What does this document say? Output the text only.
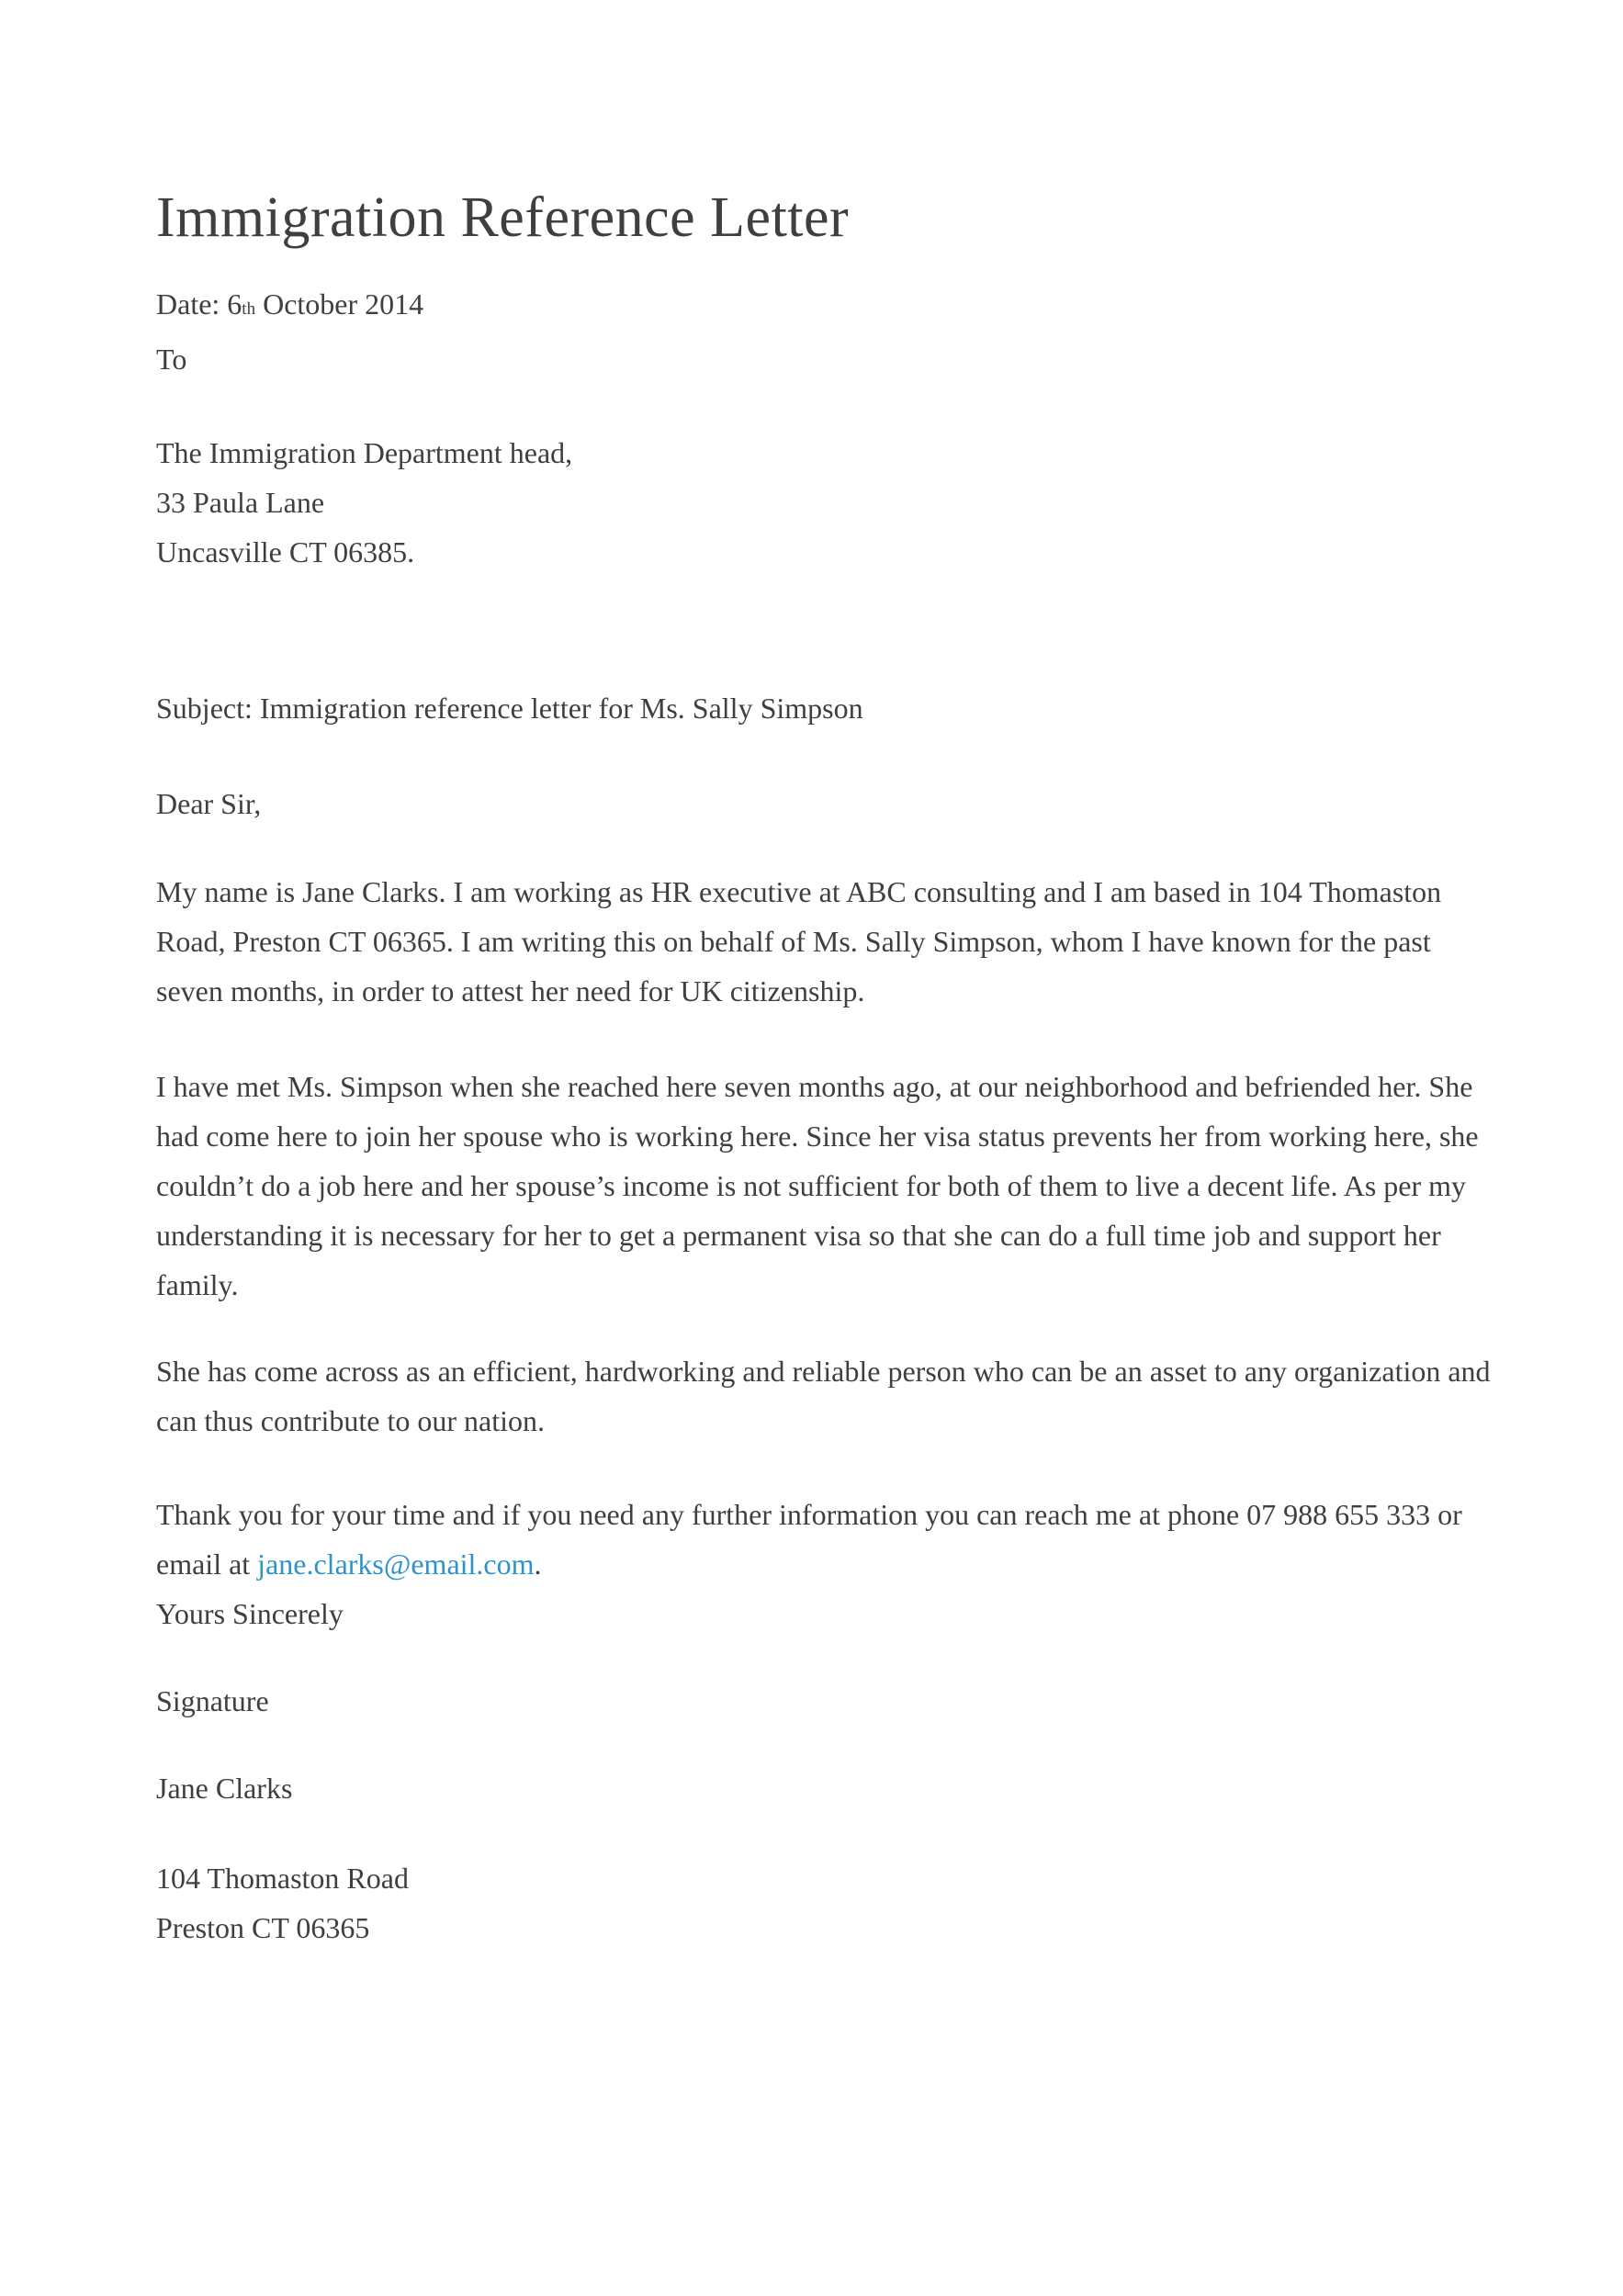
Immigration Reference Letter
Date: 6th October 2014
To
The Immigration Department head,
33 Paula Lane
Uncasville CT 06385.
Subject: Immigration reference letter for Ms. Sally Simpson
Dear Sir,
My name is Jane Clarks. I am working as HR executive at ABC consulting and I am based in 104 Thomaston
Road, Preston CT 06365. I am writing this on behalf of Ms. Sally Simpson, whom I have known for the past
seven months, in order to attest her need for UK citizenship.
I have met Ms. Simpson when she reached here seven months ago, at our neighborhood and befriended her. She
had come here to join her spouse who is working here. Since her visa status prevents her from working here, she
couldn’t do a job here and her spouse’s income is not sufficient for both of them to live a decent life. As per my
understanding it is necessary for her to get a permanent visa so that she can do a full time job and support her
family.
She has come across as an efficient, hardworking and reliable person who can be an asset to any organization and
can thus contribute to our nation.
Thank you for your time and if you need any further information you can reach me at phone 07 988 655 333 or
email at jane.clarks@email.com.
Yours Sincerely
Signature
Jane Clarks
104 Thomaston Road
Preston CT 06365
